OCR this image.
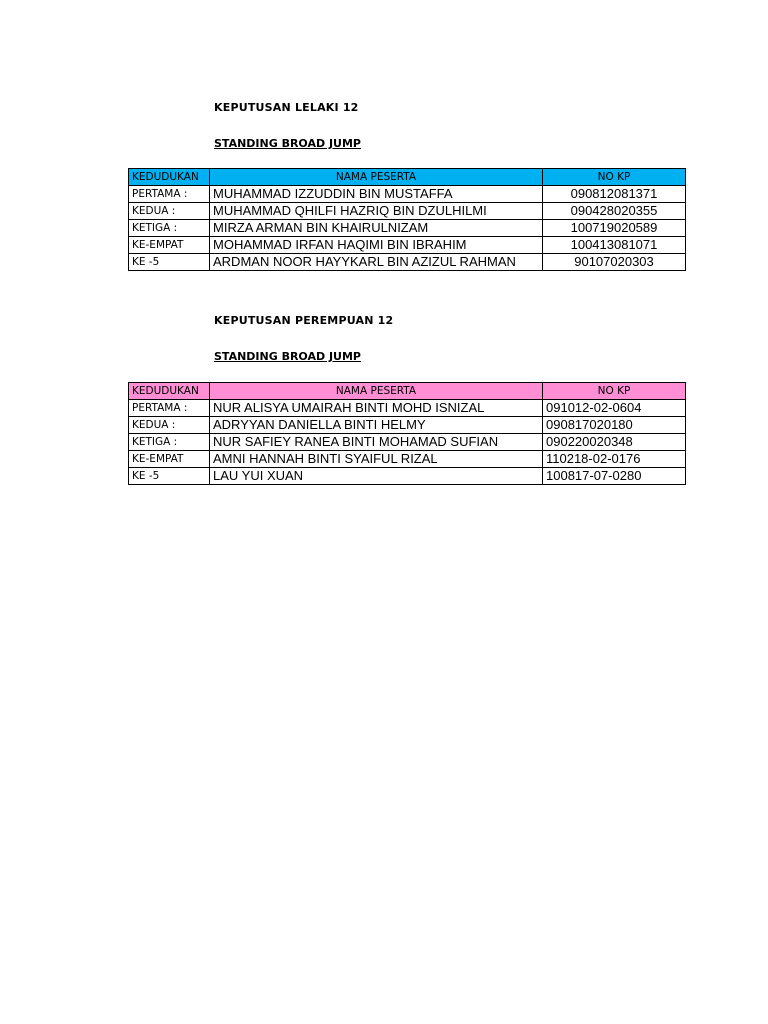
KEPUTUSAN LELAKI 12
STANDING BROAD JUMP
KEDUDUKAN	NAMA PESERTA	NO KP
PERTAMA :	MUHAMMAD IZZUDDIN BIN MUSTAFFA	090812081371
KEDUA :	MUHAMMAD QHILFI HAZRIQ BIN DZULHILMI	090428020355
KETIGA :	MIRZA ARMAN BIN KHAIRULNIZAM	100719020589
KE-EMPAT	MOHAMMAD IRFAN HAQIMI BIN IBRAHIM	100413081071
KE -5	ARDMAN NOOR HAYYKARL BIN AZIZUL RAHMAN	90107020303
KEPUTUSAN PEREMPUAN 12
STANDING BROAD JUMP
KEDUDUKAN	NAMA PESERTA	NO KP
PERTAMA :	NUR ALISYA UMAIRAH BINTI MOHD ISNIZAL	091012-02-0604
KEDUA :	ADRYYAN DANIELLA BINTI HELMY	090817020180
KETIGA :	NUR SAFIEY RANEA BINTI MOHAMAD SUFIAN	090220020348
KE-EMPAT	AMNI HANNAH BINTI SYAIFUL RIZAL	110218-02-0176
KE -5	LAU YUI XUAN	100817-07-0280
